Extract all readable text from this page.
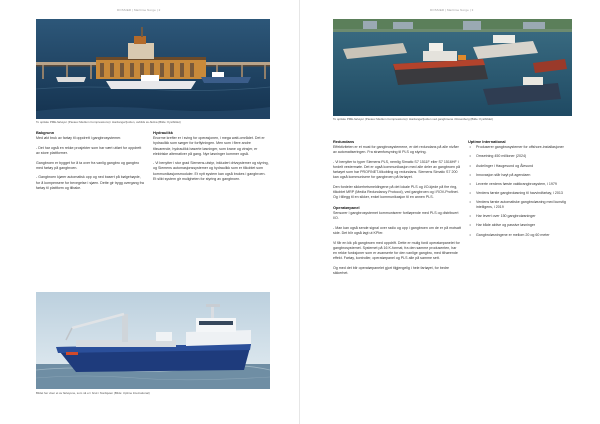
DOSSIER | Maritime Norge | 2
To optiske PME-fartøyer (Pavaux Medium Compressions) i Hardangerfjorden, avbilds av Aktiva (Bilde: Kystbildet)
Bakgrunn

Med økt bruk av fartøy til oppdrett i gangbrosystemer.

- Det har også en rekke prosjekter som har vært utført for oppdrett av store plattformer.

Gangbroen er bygget for å ta over fra vanlig gangbro og gangbro med fartøy på gangbroen.

- Gangbroen kjører automatisk opp og ned basert på bølgehøyde, for å kompensere for bevegelse i sjøen. Dette gir trygg overgang fra fartøy til plattform og tilbake.

Hydraulikk

Enorme krefter er i sving for operasjonen, i mega watt-området. Det er hydraulikk som sørger for forflytningen. Men som i flere andre tilsvarende, hydraulikk baserte løsninger, som krane og vinsjer, er elektriske alternativer på gang. Nye løsninger kommer også.

- Vi benytter i stor grad Siemens-utstyr, inkludert drivsystemer og styring, og Siemens automasjonssystemer og hydraulikk som er tilkoblet som kommunikasjonsmoduler. Et nytt system kan også brukes i gangbroen. Et slikt system gir muligheten for styring av gangbroen.

Bildet her viser et av fartøyene, som nå er i bruk i Nordsjøen (Bilde: Uptime International)
DOSSIER | Maritime Norge | 3
To optiske PME-fartøyer (Pavaux Medium Compressions) i Hardangerfjorden ved gangbroene i Rosenberg (Bilde: Kystbildet)
Redundans

Effektiviteten er et must for gangbrosystemene, er det redundans på alle nivåer av automatiseringen. Fra strømforsyning til PLS og styring.

- Vi benytter to typer Siemens PLS, nemlig Simatic S7 1511F eller S7 1516HF i fordelt vestermøte. Det er også kommunikasjon med alle deler av gangbroen på fartøyet som har PROFINET-tilkobling og redundans. Siemens Simatic S7 200 kan også kommunisere for gangbroen på fartøyet.

Den fordeler sikkerhetsmeldingene på det lokale PLS og I/O-kjede på fire ring, tilkoblet MRP (Media Redundancy Protocol), ved gangbroen og i ROV-Profinet. Og i tillegg til en sikker, enkel kommunikasjon til en annen PLS.

Operatørpanel

Sensorer i gangbrosystemet kommuniserer fortløpende med PLS og distribuert I/O.

- Man kan også sende signal over radio og opp i gangbroen om de er på motsatt side. Det blir også lagt ut KPIer.

Vi får en kik på gangbroen med oppdrift. Dette er mulig fordi operatørpanelet for gangbrosystemet. Systemet på 16 K-format, fra den samme produsenten, har en rekke funksjoner som er avanserte for den vanlige gangbro, med tilhørende effekt. Fartøy, kontroller, operatørpanel og PLS alle på samme sett.

Og med det blir operatørpanelet gjort tilgjengelig i hele fartøyet, for bedre sikkerhet.

Uptime International
• Produserer gangbrosystemer for offshore-installasjoner
• Omsetning 450 millioner (2024)
• Avdelinger i Haugesund og Ålesund
• Innovasjon står høyt på agendaen
• Leverte verdens første vaktkrangbrosystem, i 1979
• Verdens første gangbroløsning til havvindfartøy, i 2013
• Verdens første automatiske gangbroløsning med kunstig intelligens, i 2019
• Har levert over 150 gangbroløsninger
• Har både aktive og passive løsninger
• Gangbroløsningene er mellom 20 og 60 meter
